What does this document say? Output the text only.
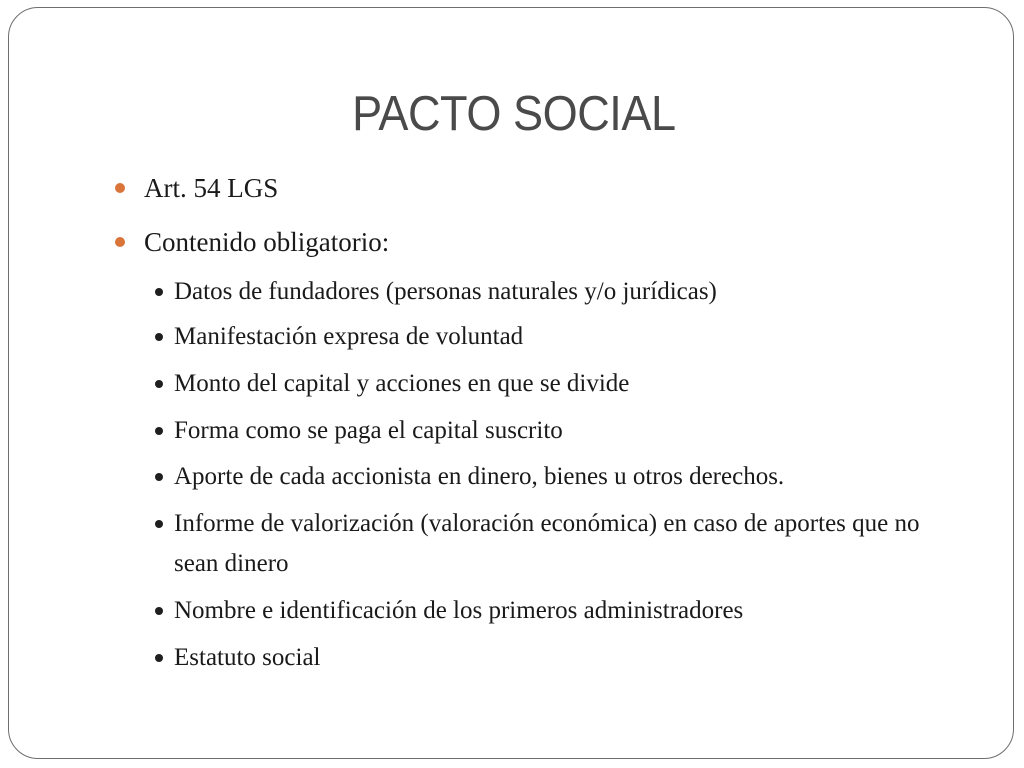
PACTO SOCIAL
Art. 54 LGS
Contenido obligatorio:
Datos de fundadores (personas naturales y/o jurídicas)
Manifestación expresa de voluntad
Monto del capital y acciones en que se divide
Forma como se paga el capital suscrito
Aporte de cada accionista en dinero, bienes u otros derechos.
Informe de valorización (valoración económica) en caso de aportes que no sean dinero
Nombre e identificación de los primeros administradores
Estatuto social
